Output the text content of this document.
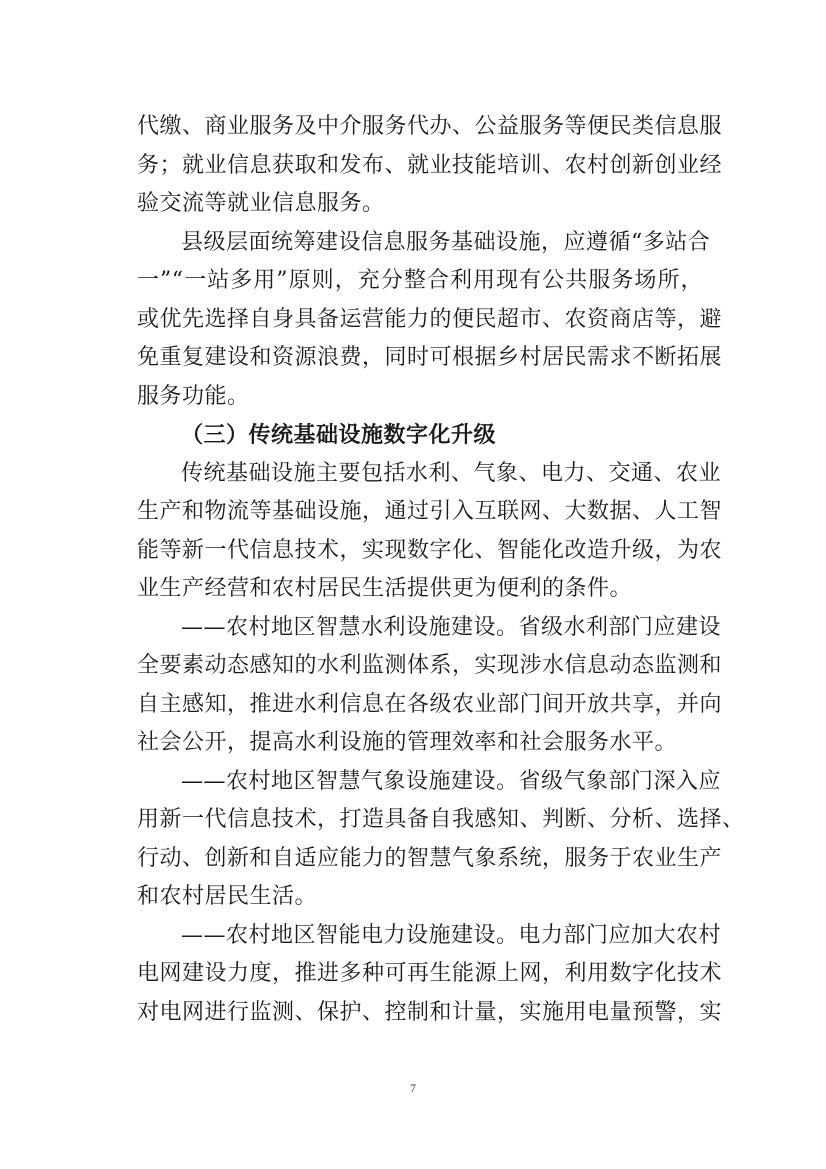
代缴、商业服务及中介服务代办、公益服务等便民类信息服
务；就业信息获取和发布、就业技能培训、农村创新创业经
验交流等就业信息服务。
县级层面统筹建设信息服务基础设施，应遵循“多站合
一”“一站多用”原则，充分整合利用现有公共服务场所，
或优先选择自身具备运营能力的便民超市、农资商店等，避
免重复建设和资源浪费，同时可根据乡村居民需求不断拓展
服务功能。
（三）传统基础设施数字化升级
传统基础设施主要包括水利、气象、电力、交通、农业
生产和物流等基础设施，通过引入互联网、大数据、人工智
能等新一代信息技术，实现数字化、智能化改造升级，为农
业生产经营和农村居民生活提供更为便利的条件。
——农村地区智慧水利设施建设。省级水利部门应建设
全要素动态感知的水利监测体系，实现涉水信息动态监测和
自主感知，推进水利信息在各级农业部门间开放共享，并向
社会公开，提高水利设施的管理效率和社会服务水平。
——农村地区智慧气象设施建设。省级气象部门深入应
用新一代信息技术，打造具备自我感知、判断、分析、选择、
行动、创新和自适应能力的智慧气象系统，服务于农业生产
和农村居民生活。
——农村地区智能电力设施建设。电力部门应加大农村
电网建设力度，推进多种可再生能源上网，利用数字化技术
对电网进行监测、保护、控制和计量，实施用电量预警，实
7
